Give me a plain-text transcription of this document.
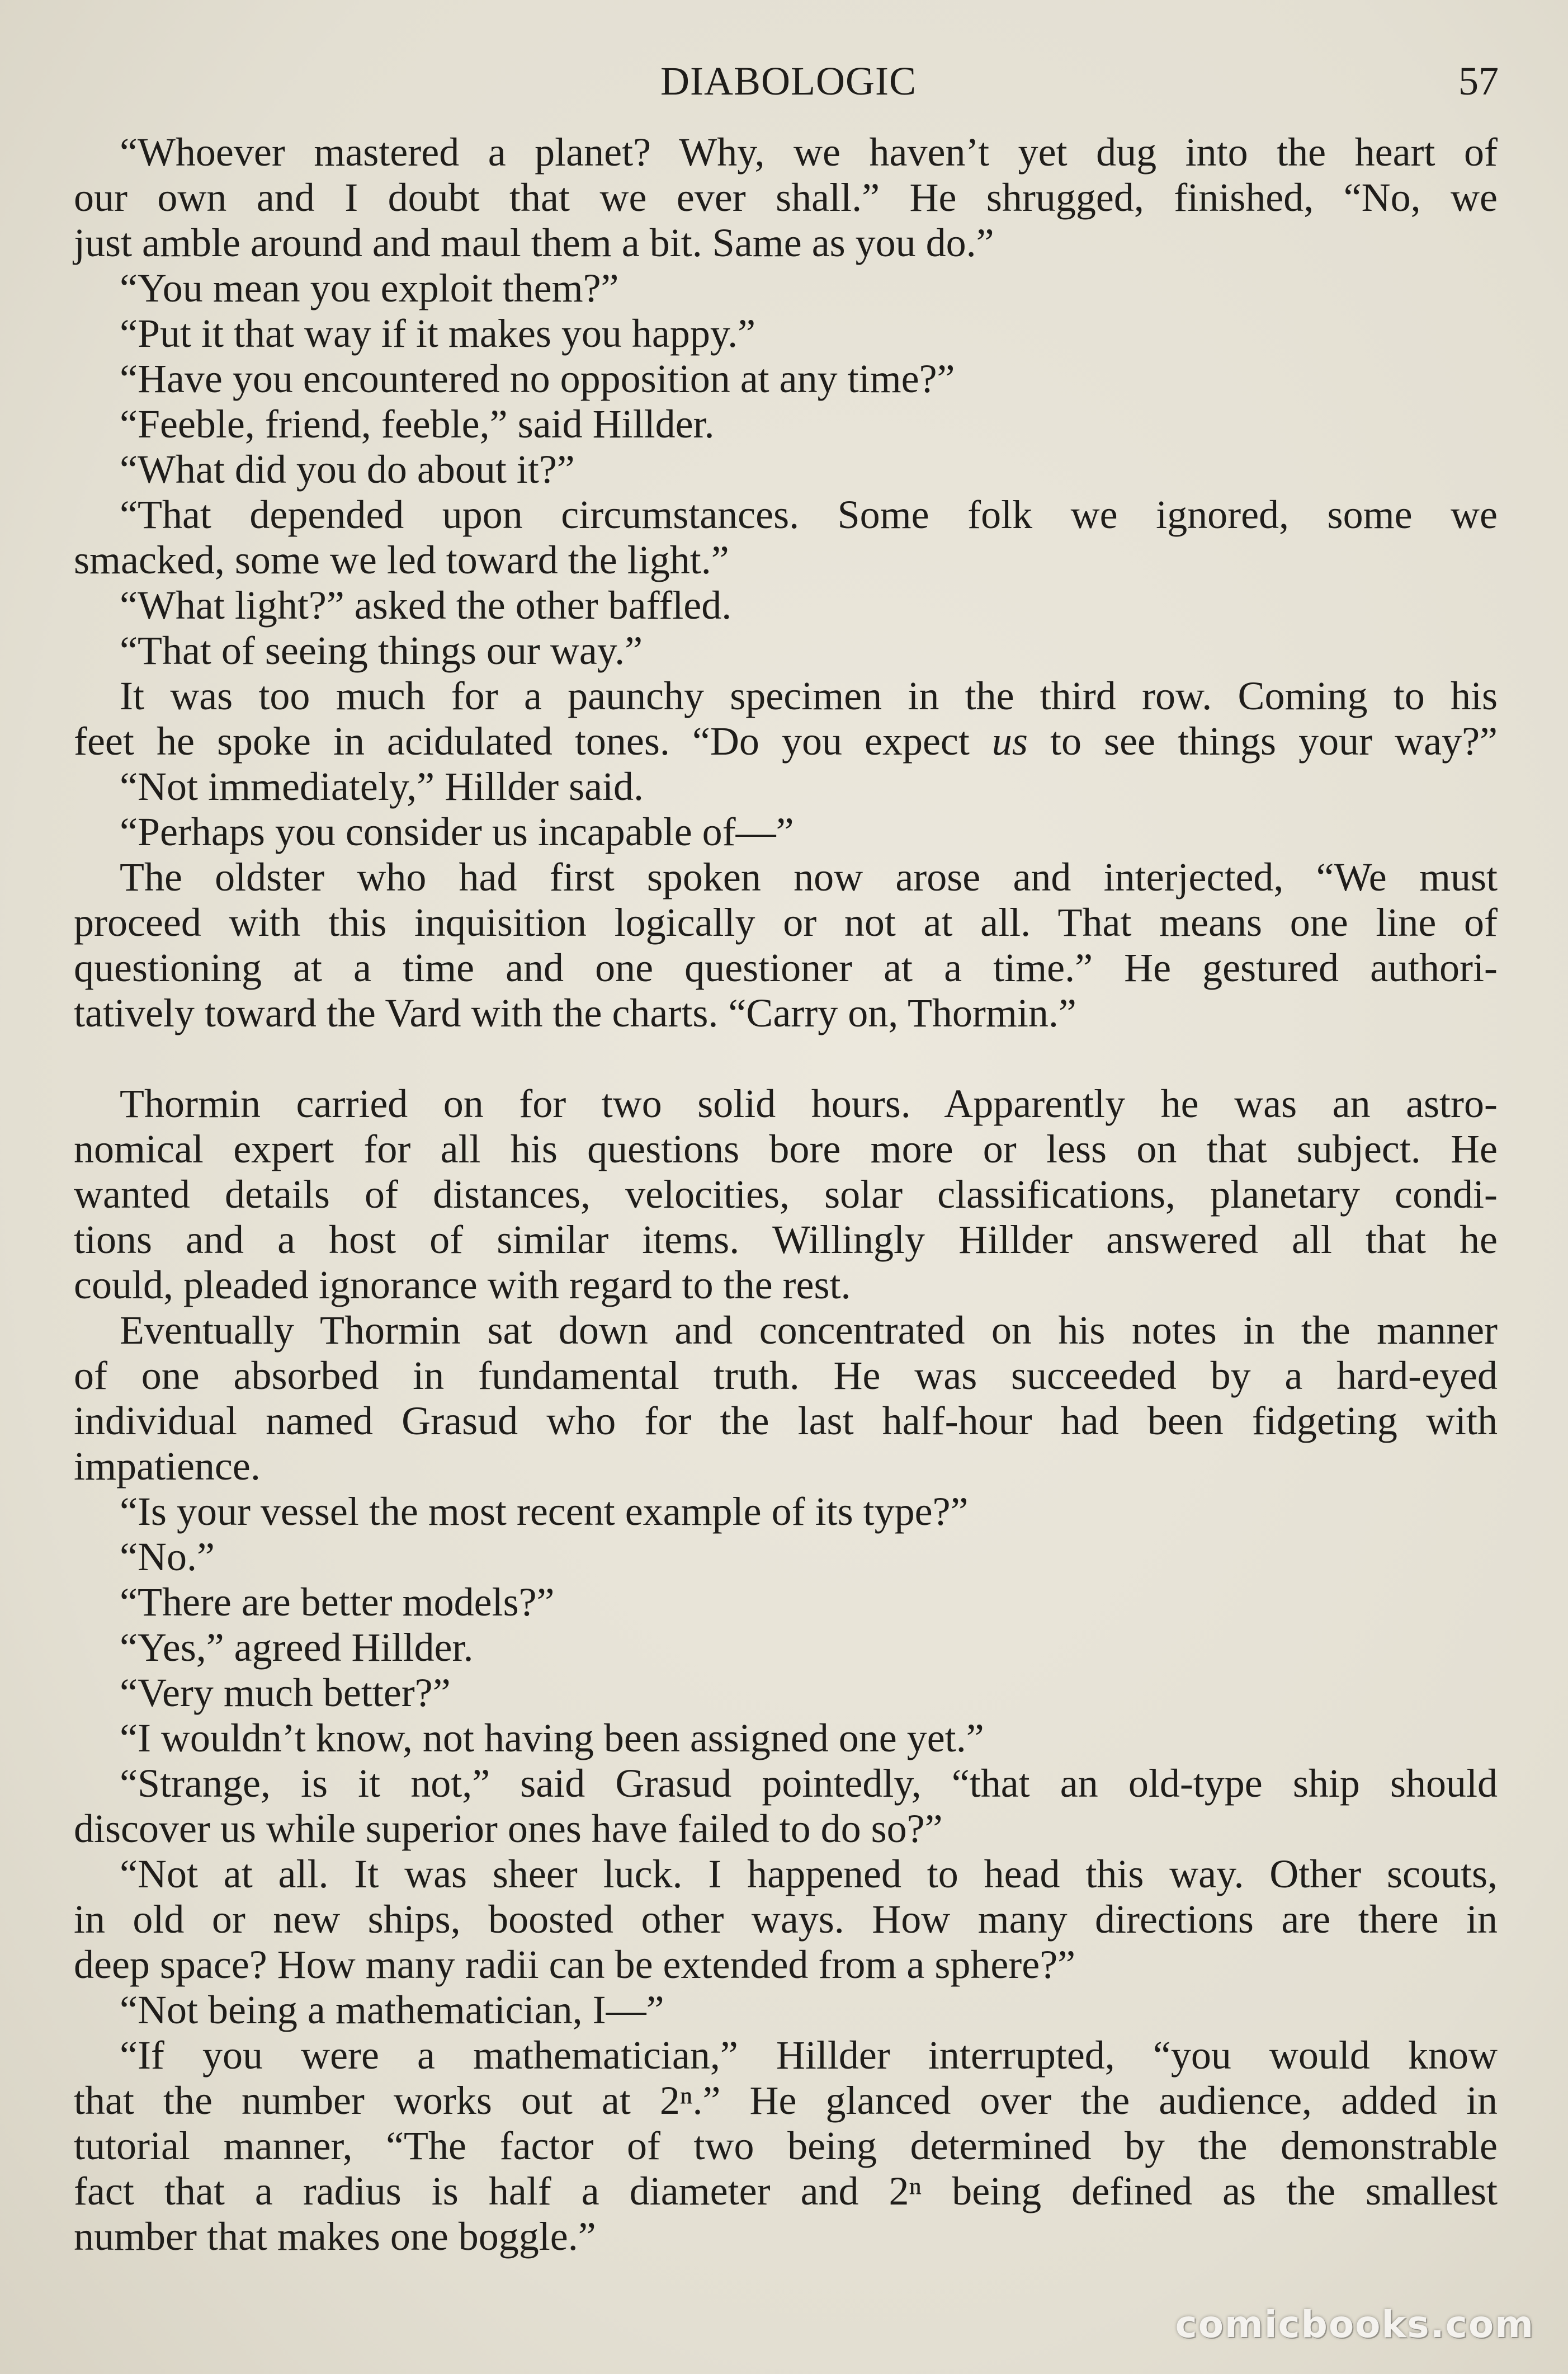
DIABOLOGIC	57
“Whoever mastered a planet? Why, we haven’t yet dug into the heart of
our own and I doubt that we ever shall.” He shrugged, finished, “No, we
just amble around and maul them a bit. Same as you do.”
“You mean you exploit them?”
“Put it that way if it makes you happy.”
“Have you encountered no opposition at any time?”
“Feeble, friend, feeble,” said Hillder.
“What did you do about it?”
“That depended upon circumstances. Some folk we ignored, some we
smacked, some we led toward the light.”
“What light?” asked the other baffled.
“That of seeing things our way.”
It was too much for a paunchy specimen in the third row. Coming to his
feet he spoke in acidulated tones. “Do you expect us to see things your way?”
“Not immediately,” Hillder said.
“Perhaps you consider us incapable of—”
The oldster who had first spoken now arose and interjected, “We must
proceed with this inquisition logically or not at all. That means one line of
questioning at a time and one questioner at a time.” He gestured authori-
tatively toward the Vard with the charts. “Carry on, Thormin.”
Thormin carried on for two solid hours. Apparently he was an astro-
nomical expert for all his questions bore more or less on that subject. He
wanted details of distances, velocities, solar classifications, planetary condi-
tions and a host of similar items. Willingly Hillder answered all that he
could, pleaded ignorance with regard to the rest.
Eventually Thormin sat down and concentrated on his notes in the manner
of one absorbed in fundamental truth. He was succeeded by a hard-eyed
individual named Grasud who for the last half-hour had been fidgeting with
impatience.
“Is your vessel the most recent example of its type?”
“No.”
“There are better models?”
“Yes,” agreed Hillder.
“Very much better?”
“I wouldn’t know, not having been assigned one yet.”
“Strange, is it not,” said Grasud pointedly, “that an old-type ship should
discover us while superior ones have failed to do so?”
“Not at all. It was sheer luck. I happened to head this way. Other scouts,
in old or new ships, boosted other ways. How many directions are there in
deep space? How many radii can be extended from a sphere?”
“Not being a mathematician, I—”
“If you were a mathematician,” Hillder interrupted, “you would know
that the number works out at 2ⁿ.” He glanced over the audience, added in
tutorial manner, “The factor of two being determined by the demonstrable
fact that a radius is half a diameter and 2ⁿ being defined as the smallest
number that makes one boggle.”
comicbooks.com
